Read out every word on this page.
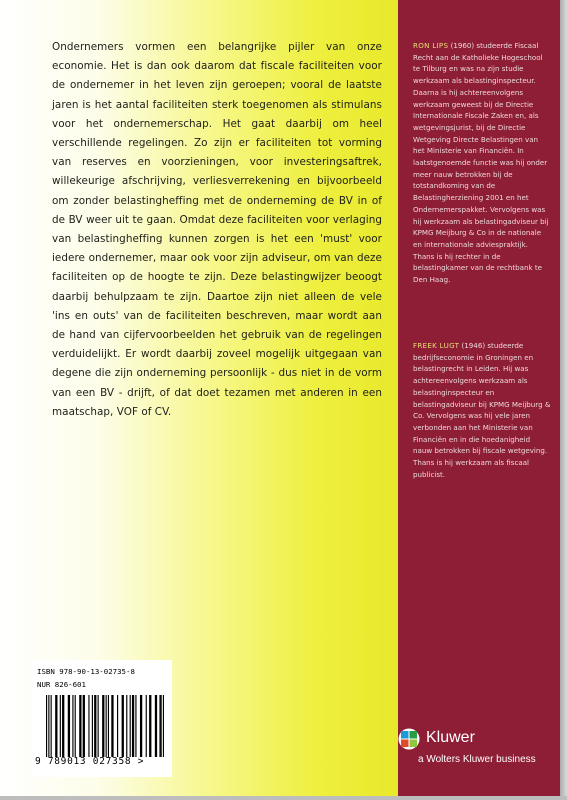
Ondernemers vormen een belangrijke pijler van onze economie. Het is dan ook daarom dat fiscale faciliteiten voor de ondernemer in het leven zijn geroepen; vooral de laatste jaren is het aantal faciliteiten sterk toegenomen als stimulans voor het ondernemerschap. Het gaat daarbij om heel verschillende regelingen. Zo zijn er faciliteiten tot vorming van reserves en voorzieningen, voor investeringsaftrek, willekeurige afschrijving, verliesverrekening en bijvoorbeeld om zonder belastingheffing met de onderneming de BV in of de BV weer uit te gaan. Omdat deze faciliteiten voor verlaging van belastingheffing kunnen zorgen is het een 'must' voor iedere ondernemer, maar ook voor zijn adviseur, om van deze faciliteiten op de hoogte te zijn. Deze belastingwijzer beoogt daarbij behulpzaam te zijn. Daartoe zijn niet alleen de vele 'ins en outs' van de faciliteiten beschreven, maar wordt aan de hand van cijfervoorbeelden het gebruik van de regelingen verduidelijkt. Er wordt daarbij zoveel mogelijk uitgegaan van degene die zijn onderneming persoonlijk - dus niet in de vorm van een BV - drijft, of dat doet tezamen met anderen in een maatschap, VOF of CV.

ISBN 978-90-13-02735-8
NUR 826-601
9 789013 027358 >

RON LIPS (1960) studeerde Fiscaal Recht aan de Katholieke Hogeschool te Tilburg en was na zijn studie werkzaam als belastinginspecteur. Daarna is hij achtereenvolgens werkzaam geweest bij de Directie Internationale Fiscale Zaken en, als wetgevingsjurist, bij de Directie Wetgeving Directe Belastingen van het Ministerie van Financiën. In laatstgenoemde functie was hij onder meer nauw betrokken bij de totstandkoming van de Belastingherziening 2001 en het Ondernemerspakket. Vervolgens was hij werkzaam als belastingadviseur bij KPMG Meijburg & Co in de nationale en internationale adviespraktijk. Thans is hij rechter in de belastingkamer van de rechtbank te Den Haag.

FREEK LUGT (1946) studeerde bedrijfseconomie in Groningen en belastingrecht in Leiden. Hij was achtereenvolgens werkzaam als belastinginspecteur en belastingadviseur bij KPMG Meijburg & Co. Vervolgens was hij vele jaren verbonden aan het Ministerie van Financiën en in die hoedanigheid nauw betrokken bij fiscale wetgeving. Thans is hij werkzaam als fiscaal publicist.

Kluwer
a Wolters Kluwer business
